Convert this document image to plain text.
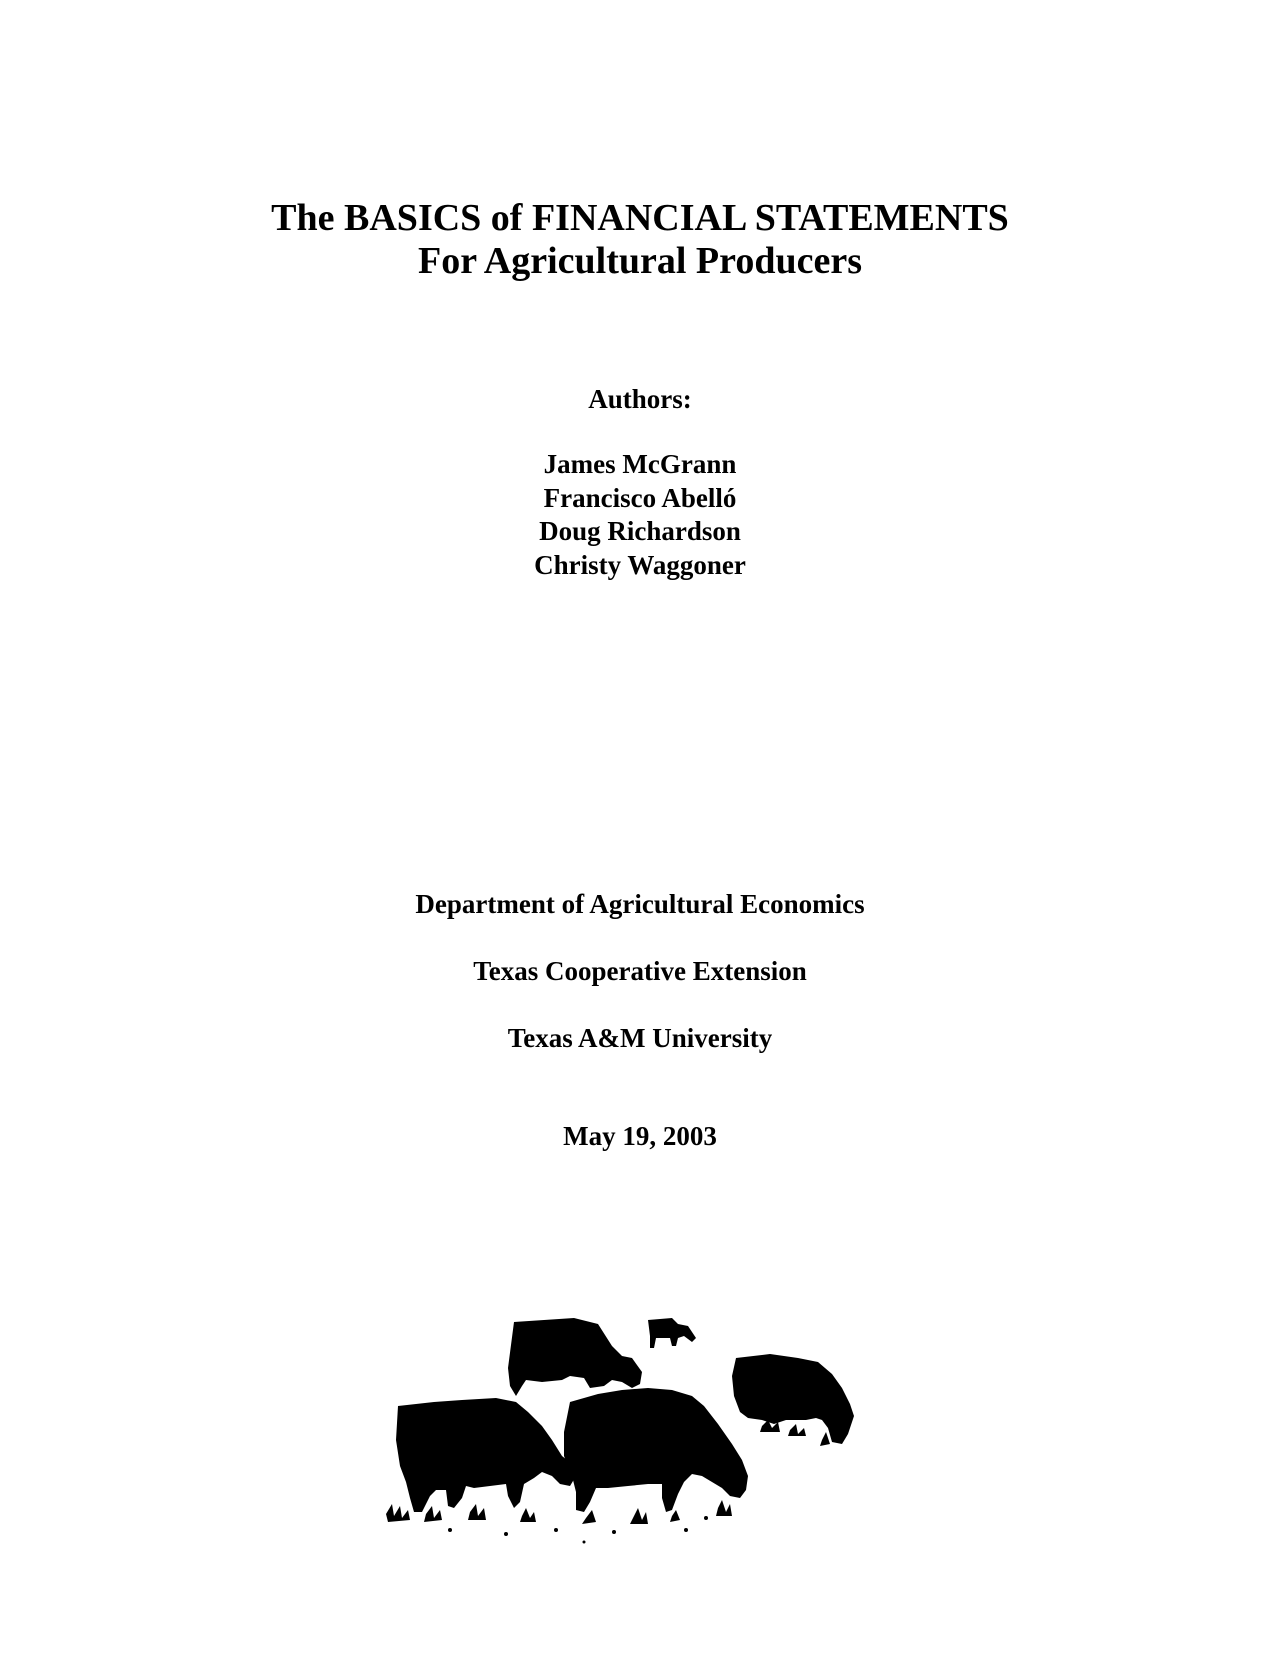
The BASICS of FINANCIAL STATEMENTS
For Agricultural Producers
Authors:
James McGrann
Francisco Abelló
Doug Richardson
Christy Waggoner
Department of Agricultural Economics
Texas Cooperative Extension
Texas A&M University
May 19, 2003
